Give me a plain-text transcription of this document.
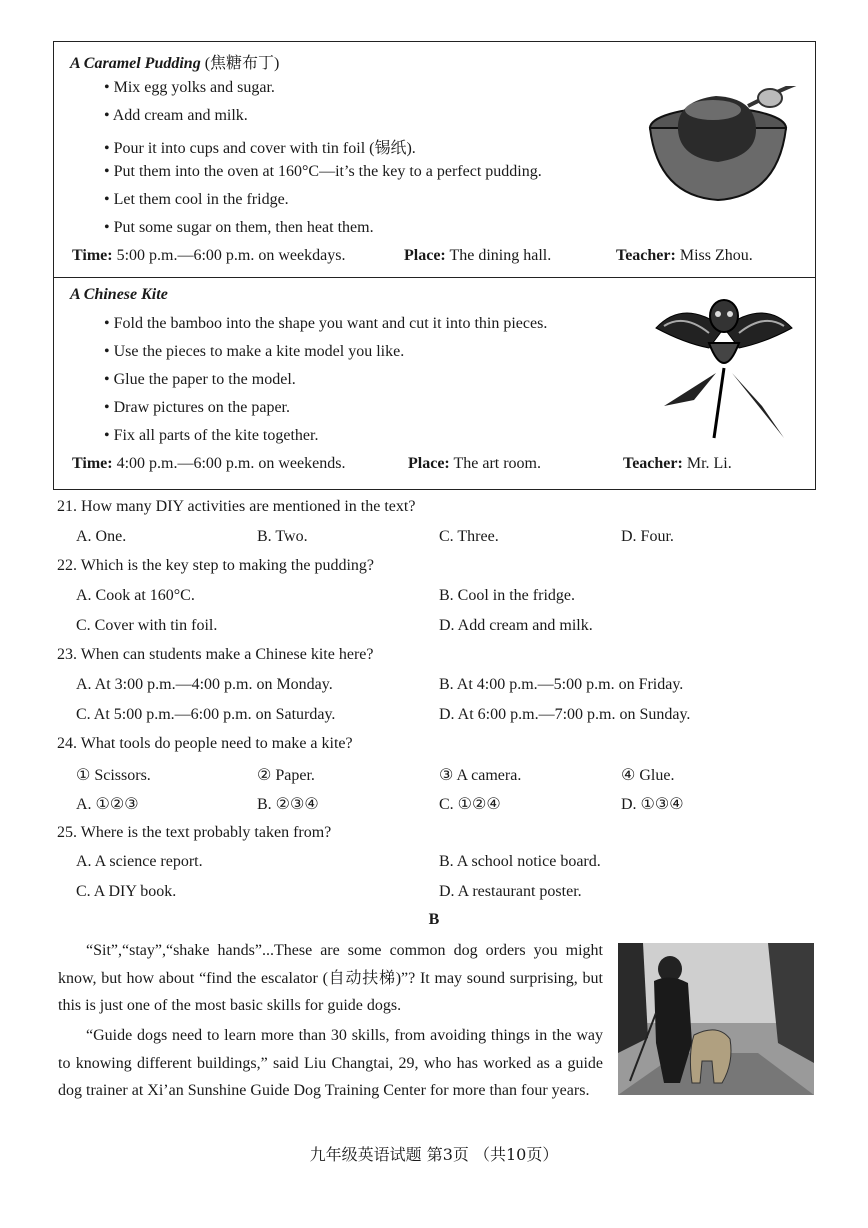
A Caramel Pudding (焦糖布丁)
• Mix egg yolks and sugar.
• Add cream and milk.
• Pour it into cups and cover with tin foil (锡纸).
• Put them into the oven at 160°C—it’s the key to a perfect pudding.
• Let them cool in the fridge.
• Put some sugar on them, then heat them.
Time: 5:00 p.m.—6:00 p.m. on weekdays.	Place: The dining hall.	Teacher: Miss Zhou.
A Chinese Kite
• Fold the bamboo into the shape you want and cut it into thin pieces.
• Use the pieces to make a kite model you like.
• Glue the paper to the model.
• Draw pictures on the paper.
• Fix all parts of the kite together.
Time: 4:00 p.m.—6:00 p.m. on weekends.	Place: The art room.	Teacher: Mr. Li.
21. How many DIY activities are mentioned in the text?
A. One.	B. Two.	C. Three.	D. Four.
22. Which is the key step to making the pudding?
A. Cook at 160°C.	B. Cool in the fridge.
C. Cover with tin foil.	D. Add cream and milk.
23. When can students make a Chinese kite here?
A. At 3:00 p.m.—4:00 p.m. on Monday.	B. At 4:00 p.m.—5:00 p.m. on Friday.
C. At 5:00 p.m.—6:00 p.m. on Saturday.	D. At 6:00 p.m.—7:00 p.m. on Sunday.
24. What tools do people need to make a kite?
① Scissors.	② Paper.	③ A camera.	④ Glue.
A. ①②③	B. ②③④	C. ①②④	D. ①③④
25. Where is the text probably taken from?
A. A science report.	B. A school notice board.
C. A DIY book.	D. A restaurant poster.
B
“Sit”,“stay”,“shake hands”...These are some common dog orders you might know, but how about “find the escalator (自动扶梯)”? It may sound surprising, but this is just one of the most basic skills for guide dogs.
“Guide dogs need to learn more than 30 skills, from avoiding things in the way to knowing different buildings,” said Liu Changtai, 29, who has worked as a guide dog trainer at Xi’an Sunshine Guide Dog Training Center for more than four years.
九年级英语试题 第3页 （共10页）
